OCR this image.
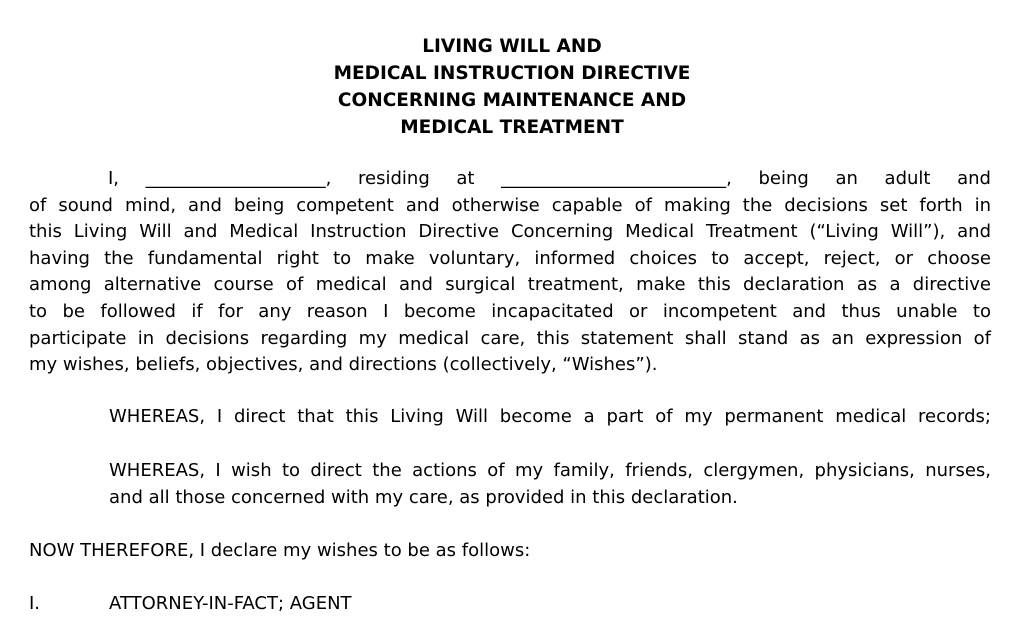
LIVING WILL AND
MEDICAL INSTRUCTION DIRECTIVE
CONCERNING MAINTENANCE AND
MEDICAL TREATMENT
I, ____________________, residing at _________________________, being an adult and
of sound mind, and being competent and otherwise capable of making the decisions set forth in
this Living Will and Medical Instruction Directive Concerning Medical Treatment (“Living Will”), and
having the fundamental right to make voluntary, informed choices to accept, reject, or choose
among alternative course of medical and surgical treatment, make this declaration as a directive
to be followed if for any reason I become incapacitated or incompetent and thus unable to
participate in decisions regarding my medical care, this statement shall stand as an expression of
my wishes, beliefs, objectives, and directions (collectively, “Wishes”).
WHEREAS, I direct that this Living Will become a part of my permanent medical records;
WHEREAS, I wish to direct the actions of my family, friends, clergymen, physicians, nurses,
and all those concerned with my care, as provided in this declaration.
NOW THEREFORE, I declare my wishes to be as follows:
I.	ATTORNEY-IN-FACT; AGENT
